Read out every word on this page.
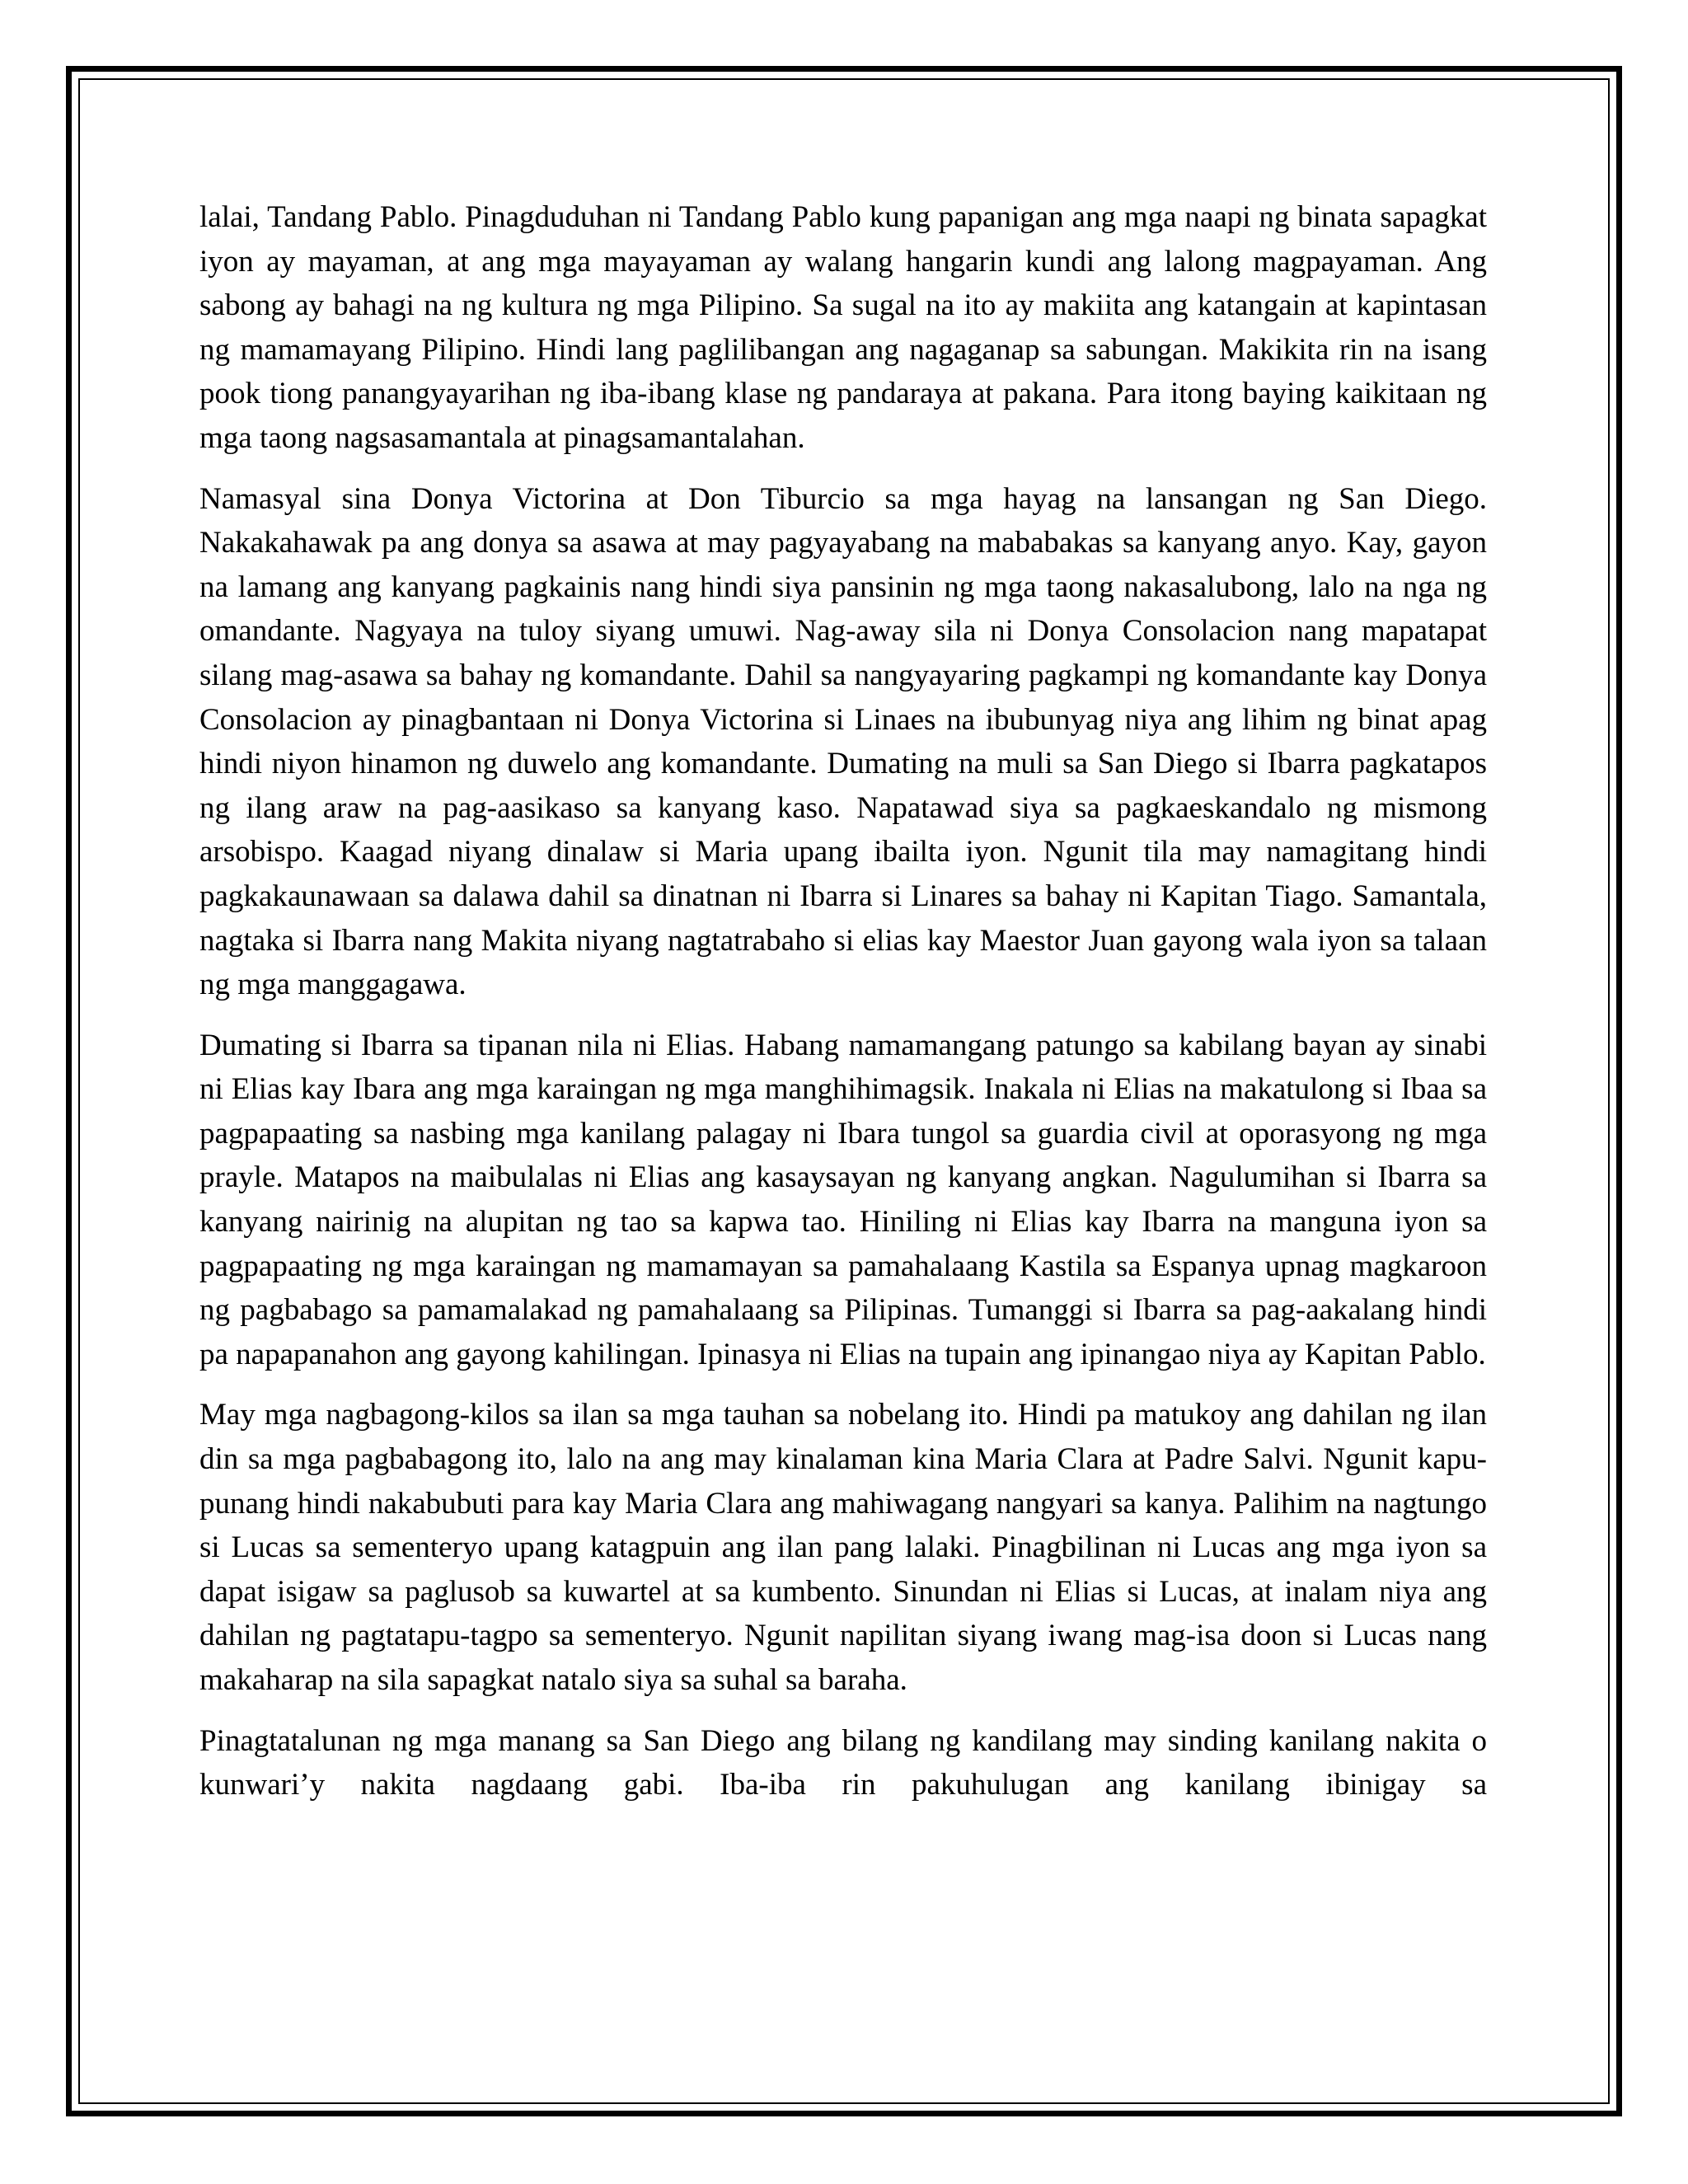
lalai, Tandang Pablo. Pinagduduhan ni Tandang Pablo kung papanigan ang mga naapi ng binata sapagkat iyon ay mayaman, at ang mga mayayaman ay walang hangarin kundi ang lalong magpayaman. Ang sabong ay bahagi na ng kultura ng mga Pilipino. Sa sugal na ito ay makiita ang katangain at kapintasan ng mamamayang Pilipino. Hindi lang paglilibangan ang nagaganap sa sabungan. Makikita rin na isang pook tiong panangyayarihan ng iba-ibang klase ng pandaraya at pakana. Para itong baying kaikitaan ng mga taong nagsasamantala at pinagsamantalahan.

Namasyal sina Donya Victorina at Don Tiburcio sa mga hayag na lansangan ng San Diego. Nakakahawak pa ang donya sa asawa at may pagyayabang na mababakas sa kanyang anyo. Kay, gayon na lamang ang kanyang pagkainis nang hindi siya pansinin ng mga taong nakasalubong, lalo na nga ng omandante. Nagyaya na tuloy siyang umuwi. Nag-away sila ni Donya Consolacion nang mapatapat silang mag-asawa sa bahay ng komandante. Dahil sa nangyayaring pagkampi ng komandante kay Donya Consolacion ay pinagbantaan ni Donya Victorina si Linaes na ibubunyag niya ang lihim ng binat apag hindi niyon hinamon ng duwelo ang komandante. Dumating na muli sa San Diego si Ibarra pagkatapos ng ilang araw na pag-aasikaso sa kanyang kaso. Napatawad siya sa pagkaeskandalo ng mismong arsobispo. Kaagad niyang dinalaw si Maria upang ibailta iyon. Ngunit tila may namagitang hindi pagkakaunawaan sa dalawa dahil sa dinatnan ni Ibarra si Linares sa bahay ni Kapitan Tiago. Samantala, nagtaka si Ibarra nang Makita niyang nagtatrabaho si elias kay Maestor Juan gayong wala iyon sa talaan ng mga manggagawa.

Dumating si Ibarra sa tipanan nila ni Elias. Habang namamangang patungo sa kabilang bayan ay sinabi ni Elias kay Ibara ang mga karaingan ng mga manghihimagsik. Inakala ni Elias na makatulong si Ibaa sa pagpapaating sa nasbing mga kanilang palagay ni Ibara tungol sa guardia civil at oporasyong ng mga prayle. Matapos na maibulalas ni Elias ang kasaysayan ng kanyang angkan. Nagulumihan si Ibarra sa kanyang nairinig na alupitan ng tao sa kapwa tao. Hiniling ni Elias kay Ibarra na manguna iyon sa pagpapaating ng mga karaingan ng mamamayan sa pamahalaang Kastila sa Espanya upnag magkaroon ng pagbabago sa pamamalakad ng pamahalaang sa Pilipinas. Tumanggi si Ibarra sa pag-aakalang hindi pa napapanahon ang gayong kahilingan. Ipinasya ni Elias na tupain ang ipinangao niya ay Kapitan Pablo.

May mga nagbagong-kilos sa ilan sa mga tauhan sa nobelang ito. Hindi pa matukoy ang dahilan ng ilan din sa mga pagbabagong ito, lalo na ang may kinalaman kina Maria Clara at Padre Salvi. Ngunit kapu-punang hindi nakabubuti para kay Maria Clara ang mahiwagang nangyari sa kanya. Palihim na nagtungo si Lucas sa sementeryo upang katagpuin ang ilan pang lalaki. Pinagbilinan ni Lucas ang mga iyon sa dapat isigaw sa paglusob sa kuwartel at sa kumbento. Sinundan ni Elias si Lucas, at inalam niya ang dahilan ng pagtatapu-tagpo sa sementeryo. Ngunit napilitan siyang iwang mag-isa doon si Lucas nang makaharap na sila sapagkat natalo siya sa suhal sa baraha.

Pinagtatalunan ng mga manang sa San Diego ang bilang ng kandilang may sinding kanilang nakita o kunwari’y nakita nagdaang gabi. Iba-iba rin pakuhulugan ang kanilang ibinigay sa
